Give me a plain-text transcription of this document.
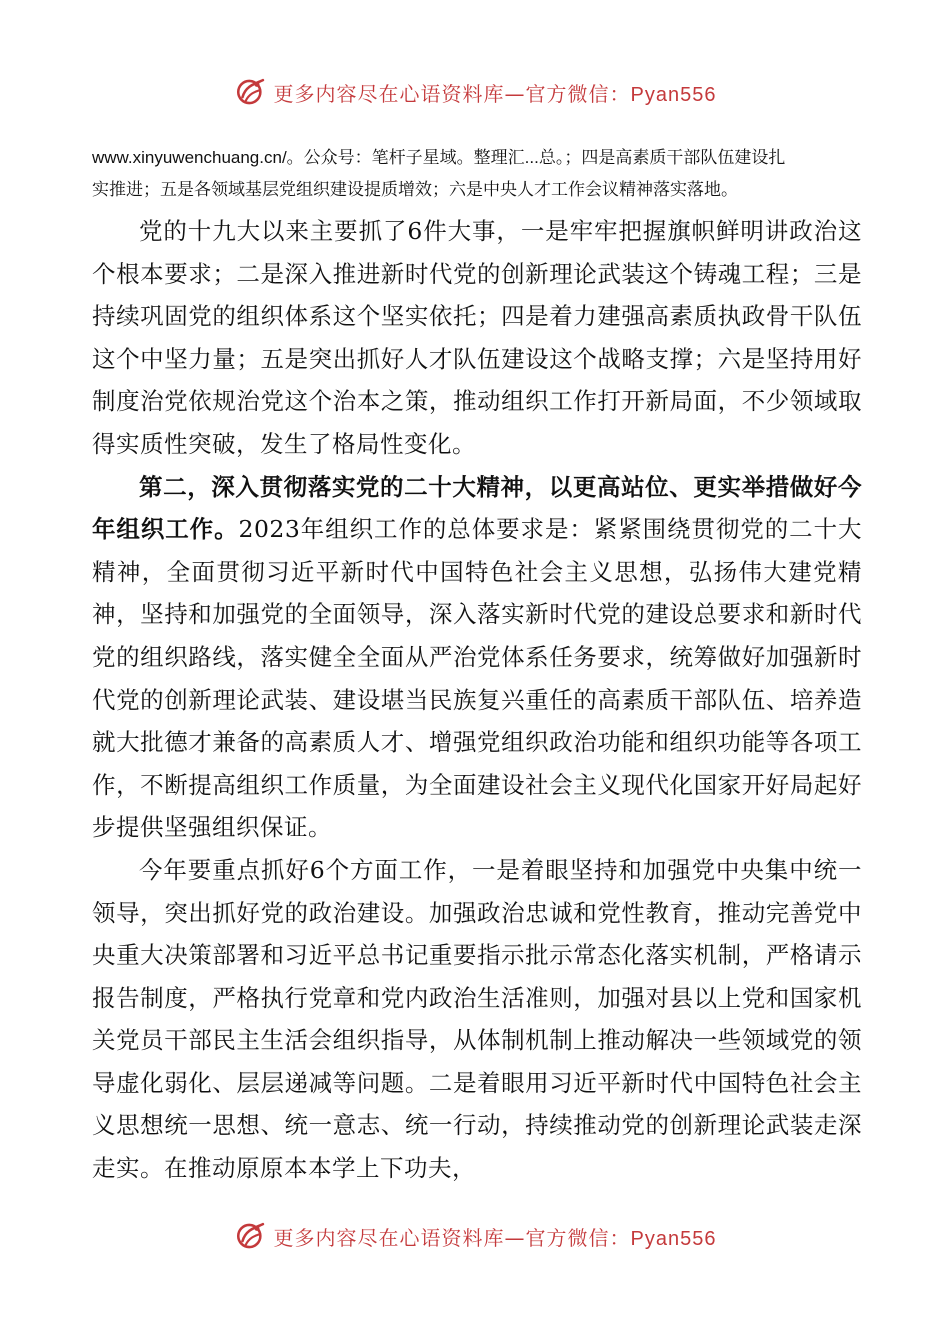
更多内容尽在心语资料库—官方微信：Pyan556
www.xinyuwenchuang.cn/。公众号：笔杆子星域。整理汇...总。；四是高素质干部队伍建设扎
实推进；五是各领域基层党组织建设提质增效；六是中央人才工作会议精神落实落地。

党的十九大以来主要抓了6件大事，一是牢牢把握旗帜鲜明讲政治这个根本要求；二是深入推进新时代党的创新理论武装这个铸魂工程；三是持续巩固党的组织体系这个坚实依托；四是着力建强高素质执政骨干队伍这个中坚力量；五是突出抓好人才队伍建设这个战略支撑；六是坚持用好制度治党依规治党这个治本之策，推动组织工作打开新局面，不少领域取得实质性突破，发生了格局性变化。

第二，深入贯彻落实党的二十大精神，以更高站位、更实举措做好今年组织工作。2023年组织工作的总体要求是：紧紧围绕贯彻党的二十大精神，全面贯彻习近平新时代中国特色社会主义思想，弘扬伟大建党精神，坚持和加强党的全面领导，深入落实新时代党的建设总要求和新时代党的组织路线，落实健全全面从严治党体系任务要求，统筹做好加强新时代党的创新理论武装、建设堪当民族复兴重任的高素质干部队伍、培养造就大批德才兼备的高素质人才、增强党组织政治功能和组织功能等各项工作，不断提高组织工作质量，为全面建设社会主义现代化国家开好局起好步提供坚强组织保证。

今年要重点抓好6个方面工作，一是着眼坚持和加强党中央集中统一领导，突出抓好党的政治建设。加强政治忠诚和党性教育，推动完善党中央重大决策部署和习近平总书记重要指示批示常态化落实机制，严格请示报告制度，严格执行党章和党内政治生活准则，加强对县以上党和国家机关党员干部民主生活会组织指导，从体制机制上推动解决一些领域党的领导虚化弱化、层层递减等问题。二是着眼用习近平新时代中国特色社会主义思想统一思想、统一意志、统一行动，持续推动党的创新理论武装走深走实。在推动原原本本学上下功夫，

更多内容尽在心语资料库—官方微信：Pyan556
